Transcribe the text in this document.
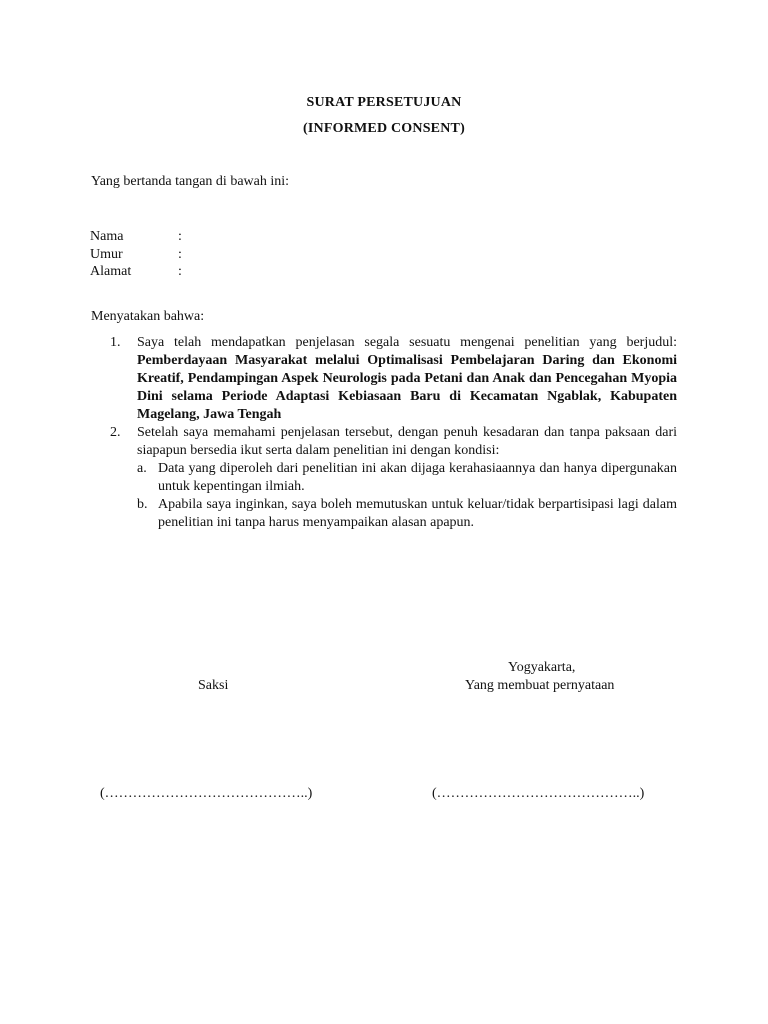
SURAT PERSETUJUAN
(INFORMED CONSENT)
Yang bertanda tangan di bawah ini:
Nama	:
Umur	:
Alamat	:
Menyatakan bahwa:
1. Saya telah mendapatkan penjelasan segala sesuatu mengenai penelitian yang berjudul: Pemberdayaan Masyarakat melalui Optimalisasi Pembelajaran Daring dan Ekonomi Kreatif, Pendampingan Aspek Neurologis pada Petani dan Anak dan Pencegahan Myopia Dini selama Periode Adaptasi Kebiasaan Baru di Kecamatan Ngablak, Kabupaten Magelang, Jawa Tengah
2. Setelah saya memahami penjelasan tersebut, dengan penuh kesadaran dan tanpa paksaan dari siapapun bersedia ikut serta dalam penelitian ini dengan kondisi:
a. Data yang diperoleh dari penelitian ini akan dijaga kerahasiaannya dan hanya dipergunakan untuk kepentingan ilmiah.
b. Apabila saya inginkan, saya boleh memutuskan untuk keluar/tidak berpartisipasi lagi dalam penelitian ini tanpa harus menyampaikan alasan apapun.
Yogyakarta,
Saksi	Yang membuat pernyataan
(……………………………………..)	(……………………………………..)
